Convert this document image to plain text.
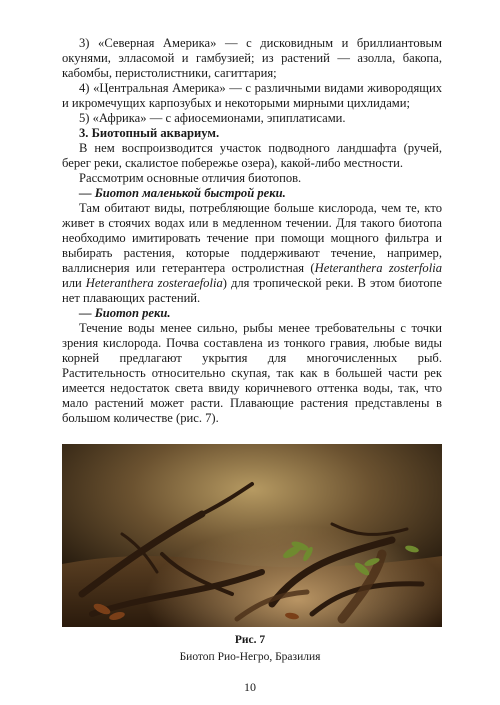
3) «Северная Америка» — с дисковидным и бриллиантовым окунями, элласомой и гамбузией; из растений — азолла, бакопа, кабомбы, перистолистники, сагиттария;

4) «Центральная Америка» — с различными видами живородящих и икромечущих карпозубых и некоторыми мирными цихлидами;

5) «Африка» — с афиосемионами, эпиплатисами.

3. Биотопный аквариум.

В нем воспроизводится участок подводного ландшафта (ручей, берег реки, скалистое побережье озера), какой-либо местности.

Рассмотрим основные отличия биотопов.

— Биотоп маленькой быстрой реки.

Там обитают виды, потребляющие больше кислорода, чем те, кто живет в стоячих водах или в медленном течении. Для такого биотопа необходимо имитировать течение при помощи мощного фильтра и выбирать растения, которые поддерживают течение, например, валлиснерия или гетерантера остролистная (Heteranthera zosterfolia или Heteranthera zosteraefolia) для тропической реки. В этом биотопе нет плавающих растений.

— Биотоп реки.

Течение воды менее сильно, рыбы менее требовательны с точки зрения кислорода. Почва составлена из тонкого гравия, любые виды корней предлагают укрытия для многочисленных рыб. Растительность относительно скупая, так как в большей части рек имеется недостаток света ввиду коричневого оттенка воды, так, что мало растений может расти. Плавающие растения представлены в большом количестве (рис. 7).

Рис. 7
Биотоп Рио-Негро, Бразилия
10
